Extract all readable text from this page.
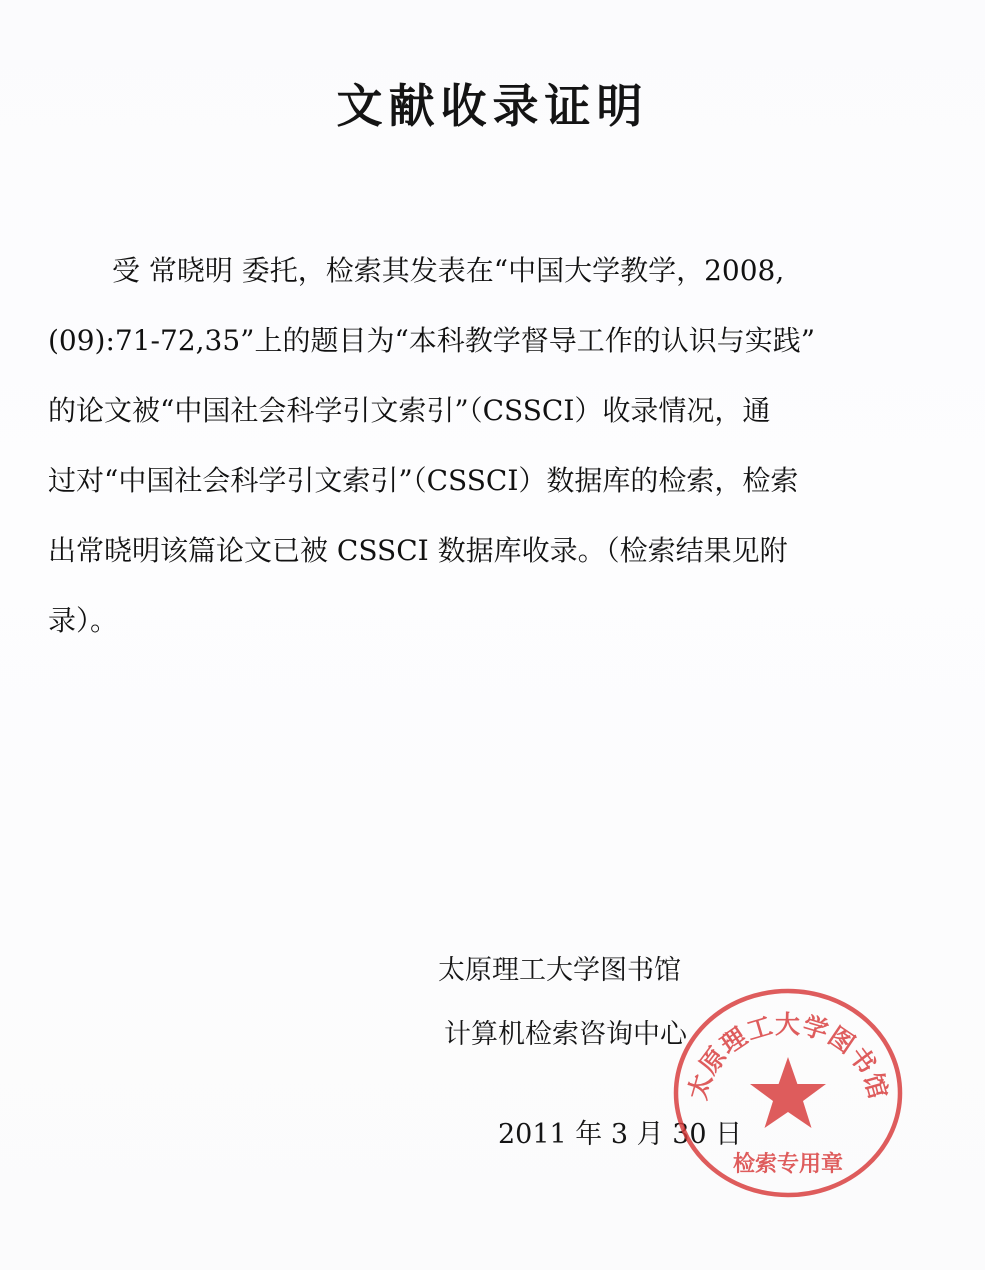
文献收录证明
受 常晓明 委托，检索其发表在“中国大学教学，2008,
(09):71-72,35”上的题目为“本科教学督导工作的认识与实践”
的论文被“中国社会科学引文索引”（CSSCI）收录情况，通
过对“中国社会科学引文索引”（CSSCI）数据库的检索，检索
出常晓明该篇论文已被 CSSCI 数据库收录。（检索结果见附
录）。
太原理工大学图书馆
计算机检索咨询中心
2011 年 3 月 30 日
太原理工大学图书馆
检索专用章
